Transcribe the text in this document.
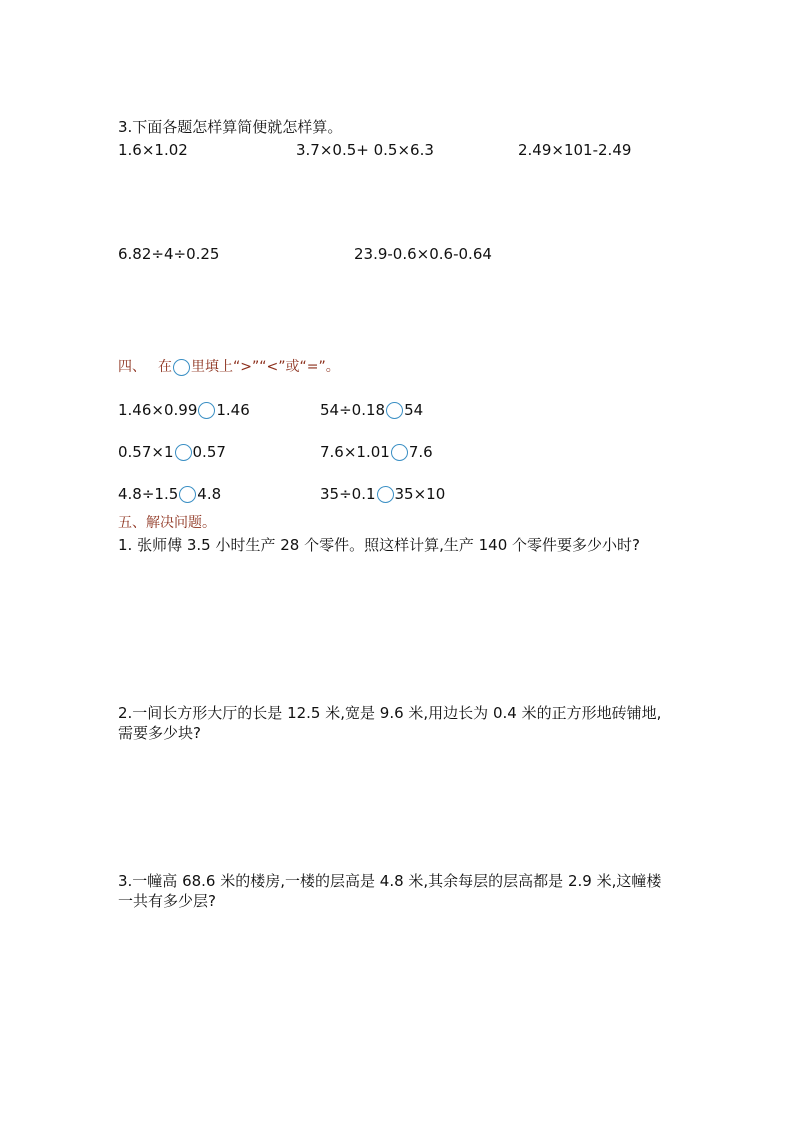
3.下面各题怎样算简便就怎样算。
1.6×1.02	3.7×0.5+ 0.5×6.3	2.49×101-2.49
6.82÷4÷0.25	23.9-0.6×0.6-0.64
四、 在 里填上“>”“<”或“=”。
1.46×0.99 1.46	54÷0.18 54
0.57×1 0.57	7.6×1.01 7.6
4.8÷1.5 4.8	35÷0.1 35×10
五、解决问题。
1. 张师傅 3.5 小时生产 28 个零件。照这样计算,生产 140 个零件要多少小时?
2.一间长方形大厅的长是 12.5 米,宽是 9.6 米,用边长为 0.4 米的正方形地砖铺地,
需要多少块?
3.一幢高 68.6 米的楼房,一楼的层高是 4.8 米,其余每层的层高都是 2.9 米,这幢楼
一共有多少层?
